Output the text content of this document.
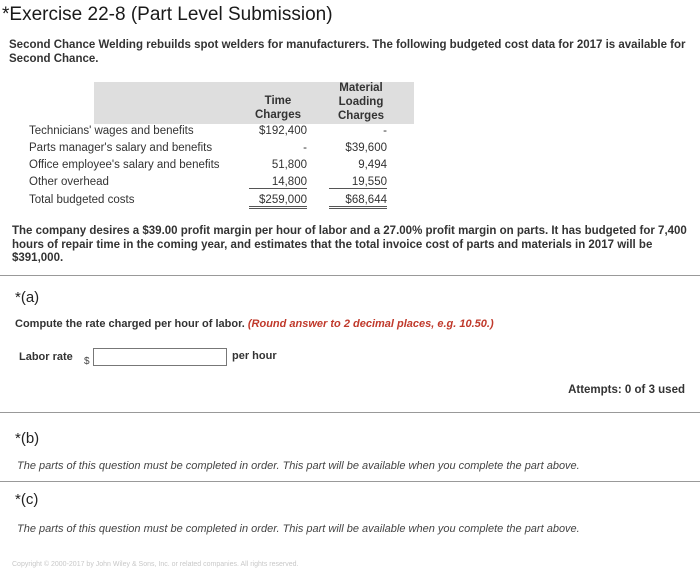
*Exercise 22-8 (Part Level Submission)
Second Chance Welding rebuilds spot welders for manufacturers. The following budgeted cost data for 2017 is available for Second Chance.
Time
Charges
Material
Loading
Charges
Technicians' wages and benefits	$192,400	-
Parts manager's salary and benefits	-	$39,600
Office employee's salary and benefits	51,800	9,494
Other overhead	14,800	19,550
Total budgeted costs	$259,000	$68,644
The company desires a $39.00 profit margin per hour of labor and a 27.00% profit margin on parts. It has budgeted for 7,400 hours of repair time in the coming year, and estimates that the total invoice cost of parts and materials in 2017 will be $391,000.
*(a)
Compute the rate charged per hour of labor. (Round answer to 2 decimal places, e.g. 10.50.)
Labor rate $	per hour
Attempts: 0 of 3 used
*(b)
The parts of this question must be completed in order. This part will be available when you complete the part above.
*(c)
The parts of this question must be completed in order. This part will be available when you complete the part above.
Copyright © 2000-2017 by John Wiley & Sons, Inc. or related companies. All rights reserved.
